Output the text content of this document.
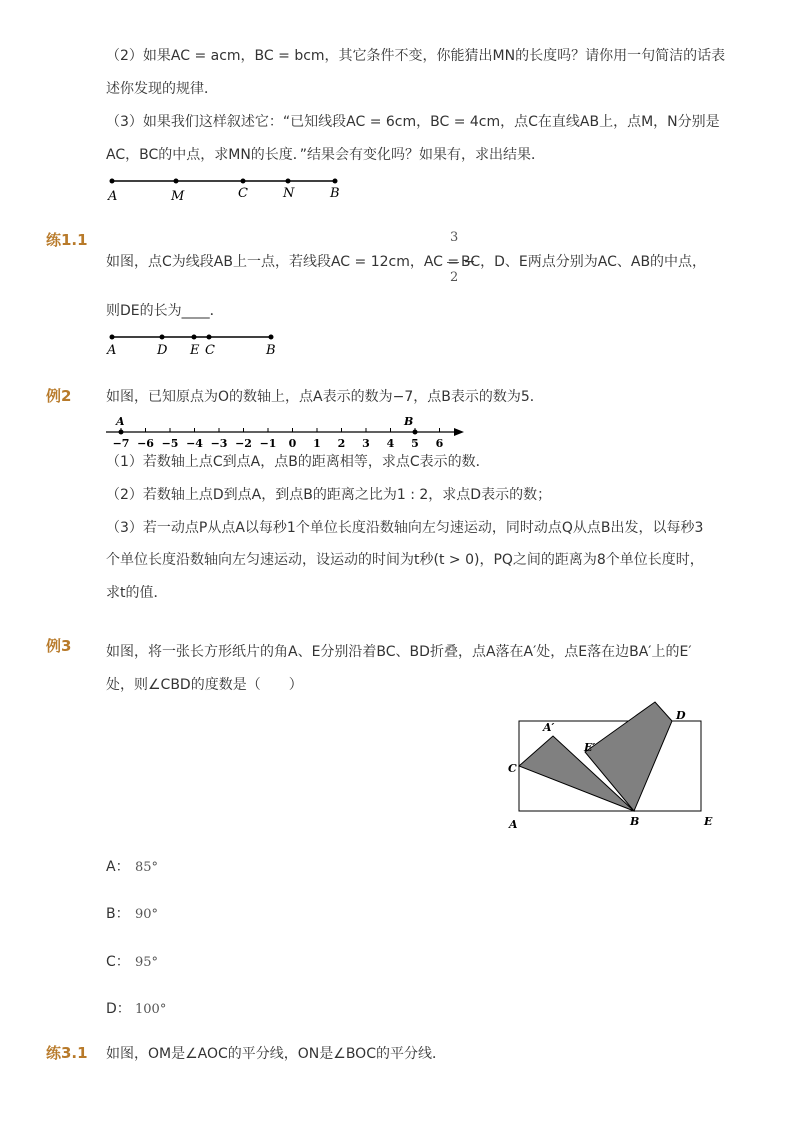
（2）如果AC = acm，BC = bcm，其它条件不变，你能猜出MN的长度吗？请你用一句简洁的话表
述你发现的规律．
（3）如果我们这样叙述它：“已知线段AC = 6cm，BC = 4cm，点C在直线AB上，点M，N分别是
AC，BC的中点，求MN的长度．”结果会有变化吗？如果有，求出结果．
A	M	C	N	B
练1.1	3
2
如图，点C为线段AB上一点，若线段AC = 12cm，AC = −
BC，D、E两点分别为AC、AB的中点，
则DE的长为____．
A	D E C	B
例2 如图，已知原点为O的数轴上，点A表示的数为−7，点B表示的数为5．
−7 −6 −5 −4 −3 −2 −1 0 1 2 3 4 5 6
A	B
（1）若数轴上点C到点A，点B的距离相等，求点C表示的数．
（2）若数轴上点D到点A，到点B的距离之比为1 : 2，求点D表示的数；
（3）若一动点P从点A以每秒1个单位长度沿数轴向左匀速运动，同时动点Q从点B出发，以每秒3
个单位长度沿数轴向左匀速运动，设运动的时间为t秒(t > 0)，PQ之间的距离为8个单位长度时，
求t的值．
例3 如图，将一张长方形纸片的角A、E分别沿着BC、BD折叠，点A落在A′处，点E落在边BA′上的E′
处，则∠CBD的度数是（　　）
A′
D
E′
C
A	B	E
A： 85°
B： 90°
C： 95°
D： 100°
练3.1 如图，OM是∠AOC的平分线，ON是∠BOC的平分线．
